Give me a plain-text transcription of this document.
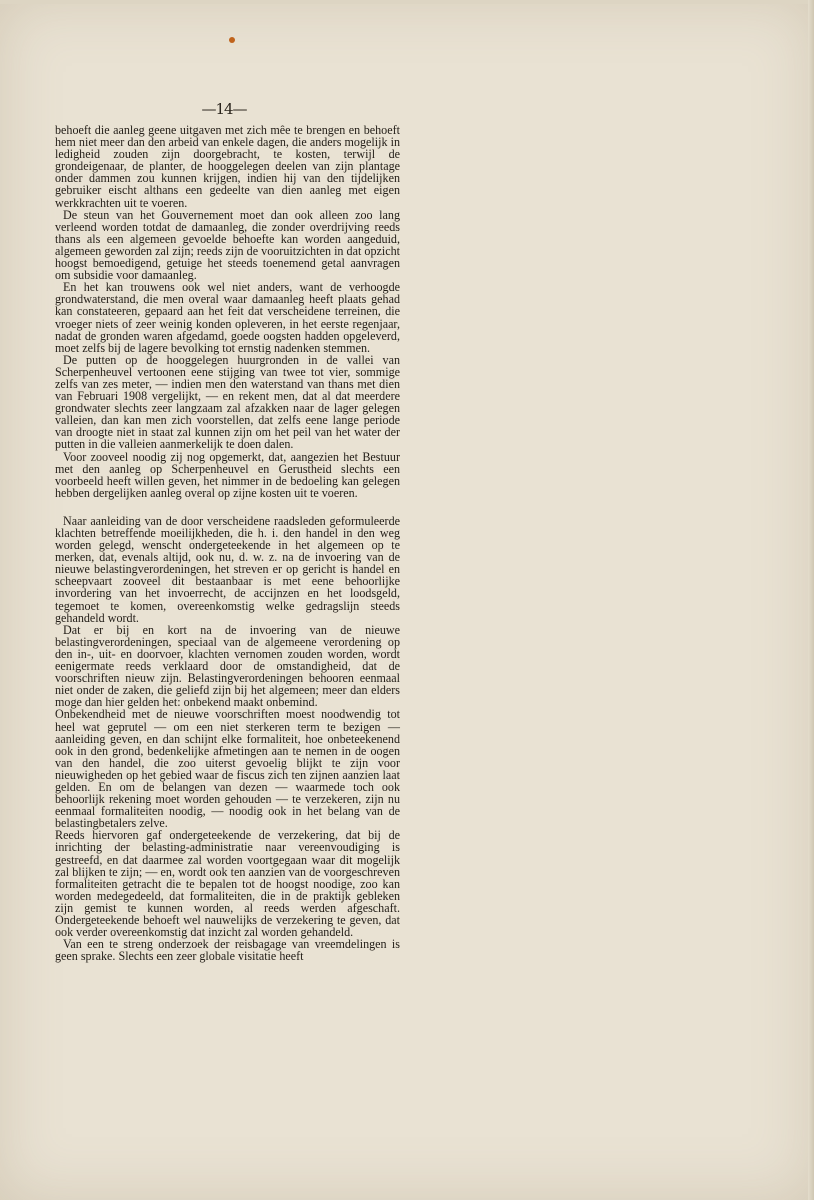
—14—

behoeft die aanleg geene uitgaven met zich mêe te brengen en behoeft hem niet meer dan den arbeid van enkele dagen, die anders mogelijk in ledigheid zouden zijn doorgebracht, te kosten, terwijl de grondeigenaar, de planter, de hooggelegen deelen van zijn plantage onder dammen zou kunnen krijgen, indien hij van den tijdelijken gebruiker eischt althans een gedeelte van dien aanleg met eigen werkkrachten uit te voeren.

De steun van het Gouvernement moet dan ook alleen zoo lang verleend worden totdat de damaanleg, die zonder overdrijving reeds thans als een algemeen gevoelde behoefte kan worden aangeduid, algemeen geworden zal zijn; reeds zijn de vooruitzichten in dat opzicht hoogst bemoedigend, getuige het steeds toenemend getal aanvragen om subsidie voor damaanleg.

En het kan trouwens ook wel niet anders, want de verhoogde grondwaterstand, die men overal waar damaanleg heeft plaats gehad kan constateeren, gepaard aan het feit dat verscheidene terreinen, die vroeger niets of zeer weinig konden opleveren, in het eerste regenjaar, nadat de gronden waren afgedamd, goede oogsten hadden opgeleverd, moet zelfs bij de lagere bevolking tot ernstig nadenken stemmen.

De putten op de hooggelegen huurgronden in de vallei van Scherpenheuvel vertoonen eene stijging van twee tot vier, sommige zelfs van zes meter, — indien men den waterstand van thans met dien van Februari 1908 vergelijkt, — en rekent men, dat al dat meerdere grondwater slechts zeer langzaam zal afzakken naar de lager gelegen valleien, dan kan men zich voorstellen, dat zelfs eene lange periode van droogte niet in staat zal kunnen zijn om het peil van het water der putten in die valleien aanmerkelijk te doen dalen.

Voor zooveel noodig zij nog opgemerkt, dat, aangezien het Bestuur met den aanleg op Scherpenheuvel en Gerustheid slechts een voorbeeld heeft willen geven, het nimmer in de bedoeling kan gelegen hebben dergelijken aanleg overal op zijne kosten uit te voeren.

Naar aanleiding van de door verscheidene raadsleden geformuleerde klachten betreffende moeilijkheden, die h. i. den handel in den weg worden gelegd, wenscht ondergeteekende in het algemeen op te merken, dat, evenals altijd, ook nu, d. w. z. na de invoering van de nieuwe belastingverordeningen, het streven er op gericht is handel en scheepvaart zooveel dit bestaanbaar is met eene behoorlijke invordering van het invoerrecht, de accijnzen en het loodsgeld, tegemoet te komen, overeenkomstig welke gedragslijn steeds gehandeld wordt.

Dat er bij en kort na de invoering van de nieuwe belastingverordeningen, speciaal van de algemeene verordening op den in-, uit- en doorvoer, klachten vernomen zouden worden, wordt eenigermate reeds verklaard door de omstandigheid, dat de voorschriften nieuw zijn. Belastingverordeningen behooren eenmaal niet onder de zaken, die geliefd zijn bij het algemeen; meer dan elders moge dan hier gelden het: onbekend maakt onbemind.

Onbekendheid met de nieuwe voorschriften moest noodwendig tot heel wat geprutel — om een niet sterkeren term te bezigen — aanleiding geven, en dan schijnt elke formaliteit, hoe onbeteekenend ook in den grond, bedenkelijke afmetingen aan te nemen in de oogen van den handel, die zoo uiterst gevoelig blijkt te zijn voor nieuwigheden op het gebied waar de fiscus zich ten zijnen aanzien laat gelden. En om de belangen van dezen — waarmede toch ook behoorlijk rekening moet worden gehouden — te verzekeren, zijn nu eenmaal formaliteiten noodig, — noodig ook in het belang van de belastingbetalers zelve.

Reeds hiervoren gaf ondergeteekende de verzekering, dat bij de inrichting der belasting-administratie naar vereenvoudiging is gestreefd, en dat daarmee zal worden voortgegaan waar dit mogelijk zal blijken te zijn; — en, wordt ook ten aanzien van de voorgeschreven formaliteiten getracht die te bepalen tot de hoogst noodige, zoo kan worden medegedeeld, dat formaliteiten, die in de praktijk gebleken zijn gemist te kunnen worden, al reeds werden afgeschaft. Ondergeteekende behoeft wel nauwelijks de verzekering te geven, dat ook verder overeenkomstig dat inzicht zal worden gehandeld.

Van een te streng onderzoek der reisbagage van vreemdelingen is geen sprake. Slechts een zeer globale visitatie heeft
